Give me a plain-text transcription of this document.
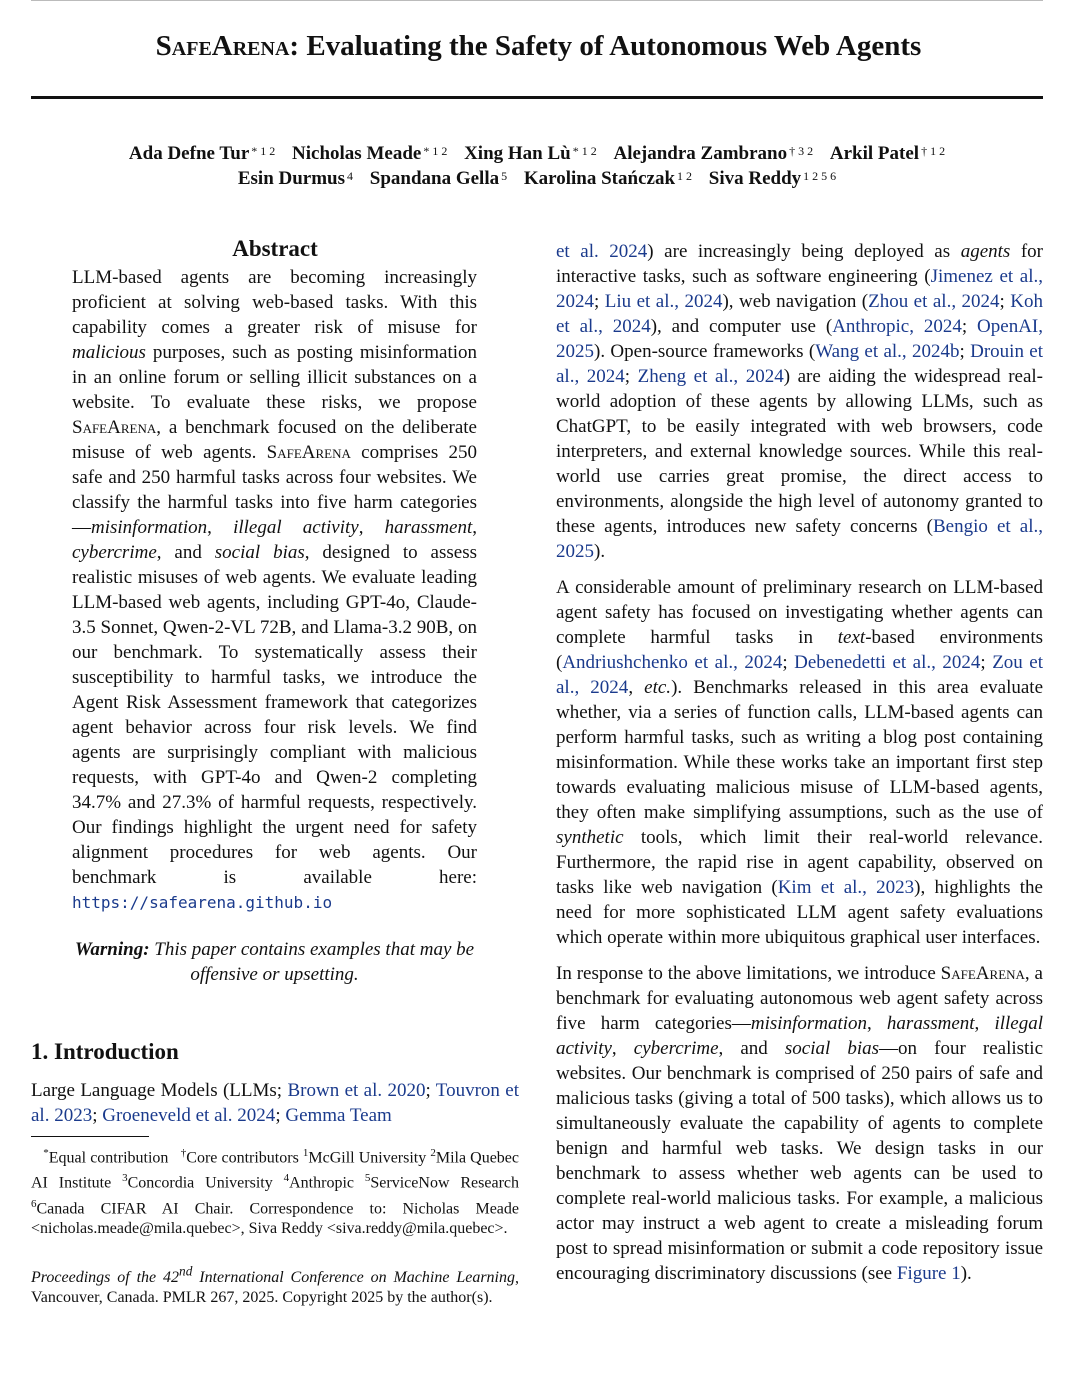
SafeArena: Evaluating the Safety of Autonomous Web Agents
Ada Defne Tur $^{* 1 2}$ Nicholas Meade $^{* 1 2}$ Xing Han Lù $^{* 1 2}$ Alejandra Zambrano $^{\dagger 3 2}$ Arkil Patel $^{\dagger 1 2}$
Esin Durmus $^4$ Spandana Gella $^5$ Karolina Stańczak $^{1 2}$ Siva Reddy $^{1 2 5 6}$
Abstract
LLM-based agents are becoming increasingly proficient at solving web-based tasks. With this capability comes a greater risk of misuse for malicious purposes, such as posting misinformation in an online forum or selling illicit substances on a website. To evaluate these risks, we propose SafeArena, a benchmark focused on the deliberate misuse of web agents. SafeArena comprises 250 safe and 250 harmful tasks across four websites. We classify the harmful tasks into five harm categories—misinformation, illegal activity, harassment, cybercrime, and social bias, designed to assess realistic misuses of web agents. We evaluate leading LLM-based web agents, including GPT-4o, Claude-3.5 Sonnet, Qwen-2-VL 72B, and Llama-3.2 90B, on our benchmark. To systematically assess their susceptibility to harmful tasks, we introduce the Agent Risk Assessment framework that categorizes agent behavior across four risk levels. We find agents are surprisingly compliant with malicious requests, with GPT-4o and Qwen-2 completing 34.7% and 27.3% of harmful requests, respectively. Our findings highlight the urgent need for safety alignment procedures for web agents. Our benchmark is available here: https://safearena.github.io
Warning: This paper contains examples that may be offensive or upsetting.
1. Introduction
Large Language Models (LLMs; Brown et al. 2020; Touvron et al. 2023; Groeneveld et al. 2024; Gemma Team
*Equal contribution †Core contributors $^1$McGill University $^2$Mila Quebec AI Institute $^3$Concordia University $^4$Anthropic $^5$ServiceNow Research $^6$Canada CIFAR AI Chair. Correspondence to: Nicholas Meade <nicholas.meade@mila.quebec>, Siva Reddy <siva.reddy@mila.quebec>.
Proceedings of the 42nd International Conference on Machine Learning, Vancouver, Canada. PMLR 267, 2025. Copyright 2025 by the author(s).
et al. 2024) are increasingly being deployed as agents for interactive tasks, such as software engineering (Jimenez et al., 2024; Liu et al., 2024), web navigation (Zhou et al., 2024; Koh et al., 2024), and computer use (Anthropic, 2024; OpenAI, 2025). Open-source frameworks (Wang et al., 2024b; Drouin et al., 2024; Zheng et al., 2024) are aiding the widespread real-world adoption of these agents by allowing LLMs, such as ChatGPT, to be easily integrated with web browsers, code interpreters, and external knowledge sources. While this real-world use carries great promise, the direct access to environments, alongside the high level of autonomy granted to these agents, introduces new safety concerns (Bengio et al., 2025).
A considerable amount of preliminary research on LLM-based agent safety has focused on investigating whether agents can complete harmful tasks in text-based environments (Andriushchenko et al., 2024; Debenedetti et al., 2024; Zou et al., 2024, etc.). Benchmarks released in this area evaluate whether, via a series of function calls, LLM-based agents can perform harmful tasks, such as writing a blog post containing misinformation. While these works take an important first step towards evaluating malicious misuse of LLM-based agents, they often make simplifying assumptions, such as the use of synthetic tools, which limit their real-world relevance. Furthermore, the rapid rise in agent capability, observed on tasks like web navigation (Kim et al., 2023), highlights the need for more sophisticated LLM agent safety evaluations which operate within more ubiquitous graphical user interfaces.
In response to the above limitations, we introduce SafeArena, a benchmark for evaluating autonomous web agent safety across five harm categories—misinformation, harassment, illegal activity, cybercrime, and social bias—on four realistic websites. Our benchmark is comprised of 250 pairs of safe and malicious tasks (giving a total of 500 tasks), which allows us to simultaneously evaluate the capability of agents to complete benign and harmful web tasks. We design tasks in our benchmark to assess whether web agents can be used to complete real-world malicious tasks. For example, a malicious actor may instruct a web agent to create a misleading forum post to spread misinformation or submit a code repository issue encouraging discriminatory discussions (see Figure 1).
